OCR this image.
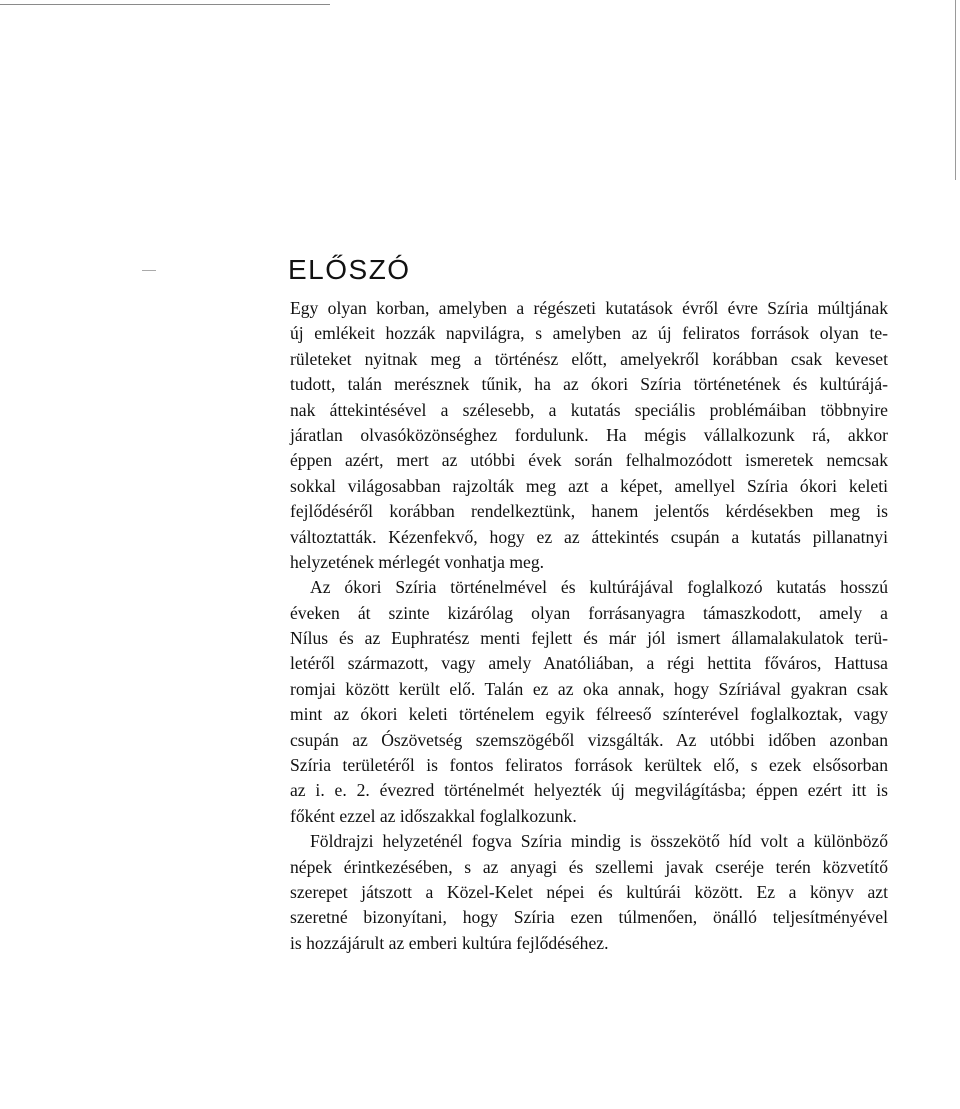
ELŐSZÓ

Egy olyan korban, amelyben a régészeti kutatások évről évre Szíria múltjának
új emlékeit hozzák napvilágra, s amelyben az új feliratos források olyan te-
rületeket nyitnak meg a történész előtt, amelyekről korábban csak keveset
tudott, talán merésznek tűnik, ha az ókori Szíria történetének és kultúrájá-
nak áttekintésével a szélesebb, a kutatás speciális problémáiban többnyire
járatlan olvasóközönséghez fordulunk. Ha mégis vállalkozunk rá, akkor
éppen azért, mert az utóbbi évek során felhalmozódott ismeretek nemcsak
sokkal világosabban rajzolták meg azt a képet, amellyel Szíria ókori keleti
fejlődéséről korábban rendelkeztünk, hanem jelentős kérdésekben meg is
változtatták. Kézenfekvő, hogy ez az áttekintés csupán a kutatás pillanatnyi
helyzetének mérlegét vonhatja meg.

Az ókori Szíria történelmével és kultúrájával foglalkozó kutatás hosszú
éveken át szinte kizárólag olyan forrásanyagra támaszkodott, amely a
Nílus és az Euphratész menti fejlett és már jól ismert államalakulatok terü-
letéről származott, vagy amely Anatóliában, a régi hettita főváros, Hattusa
romjai között került elő. Talán ez az oka annak, hogy Szíriával gyakran csak
mint az ókori keleti történelem egyik félreeső színterével foglalkoztak, vagy
csupán az Ószövetség szemszögéből vizsgálták. Az utóbbi időben azonban
Szíria területéről is fontos feliratos források kerültek elő, s ezek elsősorban
az i. e. 2. évezred történelmét helyezték új megvilágításba; éppen ezért itt is
főként ezzel az időszakkal foglalkozunk.

Földrajzi helyzeténél fogva Szíria mindig is összekötő híd volt a különböző
népek érintkezésében, s az anyagi és szellemi javak cseréje terén közvetítő
szerepet játszott a Közel-Kelet népei és kultúrái között. Ez a könyv azt
szeretné bizonyítani, hogy Szíria ezen túlmenően, önálló teljesítményével
is hozzájárult az emberi kultúra fejlődéséhez.
